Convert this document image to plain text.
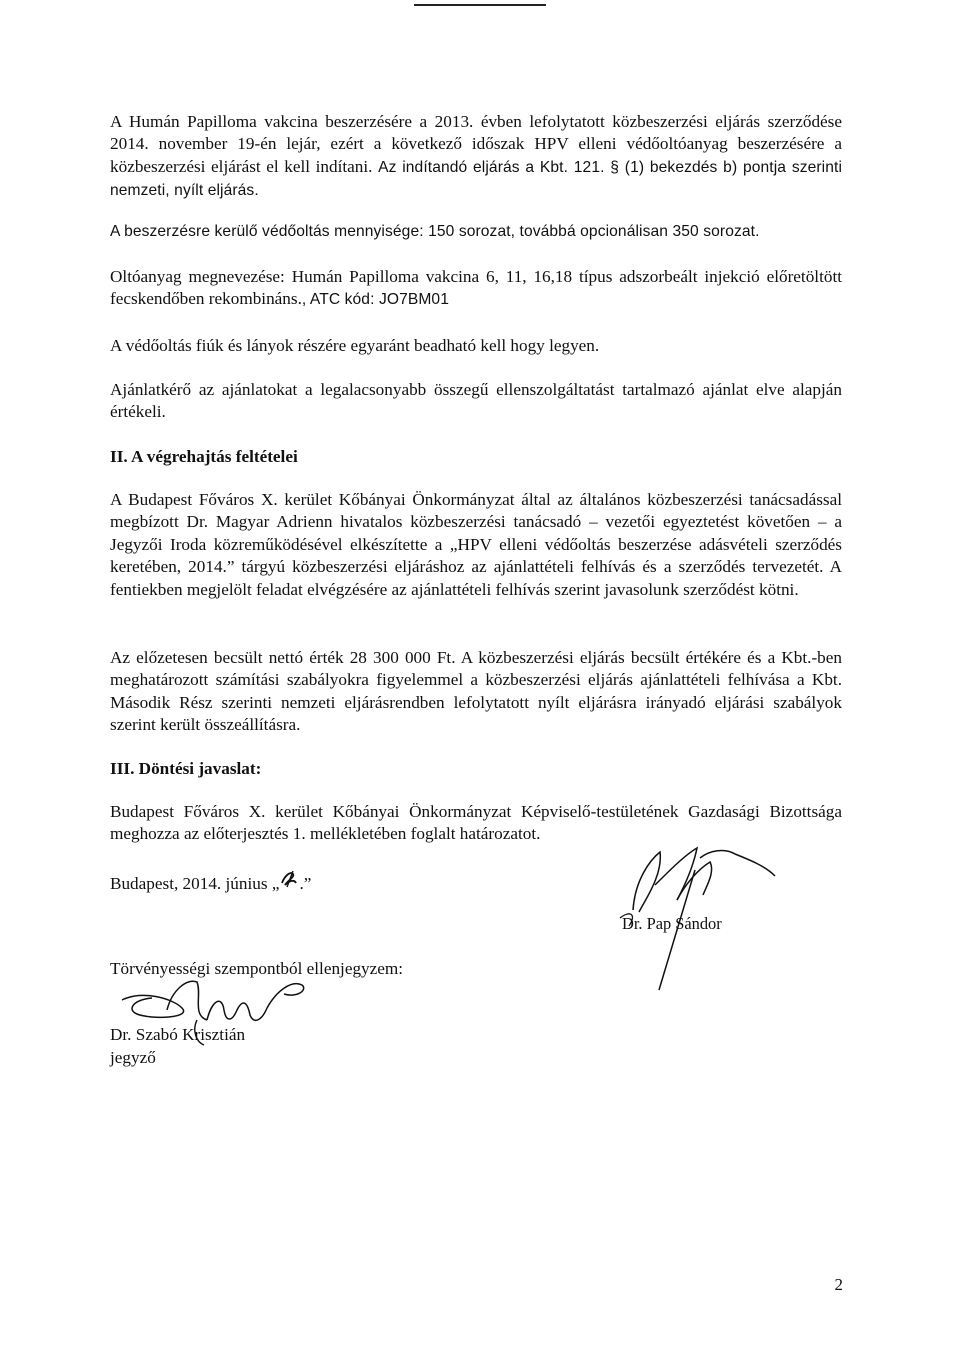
A Humán Papilloma vakcina beszerzésére a 2013. évben lefolytatott közbeszerzési eljárás szerződése 2014. november 19-én lejár, ezért a következő időszak HPV elleni védőoltóanyag beszerzésére a közbeszerzési eljárást el kell indítani. Az indítandó eljárás a Kbt. 121. § (1) bekezdés b) pontja szerinti nemzeti, nyílt eljárás.
A beszerzésre kerülő védőoltás mennyisége: 150 sorozat, továbbá opcionálisan 350 sorozat.
Oltóanyag megnevezése: Humán Papilloma vakcina 6, 11, 16,18 típus adszorbeált injekció előretöltött fecskendőben rekombináns., ATC kód: JO7BM01
A védőoltás fiúk és lányok részére egyaránt beadható kell hogy legyen.
Ajánlatkérő az ajánlatokat a legalacsonyabb összegű ellenszolgáltatást tartalmazó ajánlat elve alapján értékeli.
II. A végrehajtás feltételei
A Budapest Főváros X. kerület Kőbányai Önkormányzat által az általános közbeszerzési tanácsadással megbízott Dr. Magyar Adrienn hivatalos közbeszerzési tanácsadó – vezetői egyeztetést követően – a Jegyzői Iroda közreműködésével elkészítette a „HPV elleni védőoltás beszerzése adásvételi szerződés keretében, 2014.” tárgyú közbeszerzési eljáráshoz az ajánlattételi felhívás és a szerződés tervezetét. A fentiekben megjelölt feladat elvégzésére az ajánlattételi felhívás szerint javasolunk szerződést kötni.
Az előzetesen becsült nettó érték 28 300 000 Ft. A közbeszerzési eljárás becsült értékére és a Kbt.-ben meghatározott számítási szabályokra figyelemmel a közbeszerzési eljárás ajánlattételi felhívása a Kbt. Második Rész szerinti nemzeti eljárásrendben lefolytatott nyílt eljárásra irányadó eljárási szabályok szerint került összeállításra.
III. Döntési javaslat:
Budapest Főváros X. kerület Kőbányai Önkormányzat Képviselő-testületének Gazdasági Bizottsága meghozza az előterjesztés 1. mellékletében foglalt határozatot.
Budapest, 2014. június „ .”
Dr. Pap Sándor
Törvényességi szempontból ellenjegyzem:
Dr. Szabó Krisztián
jegyző
2
